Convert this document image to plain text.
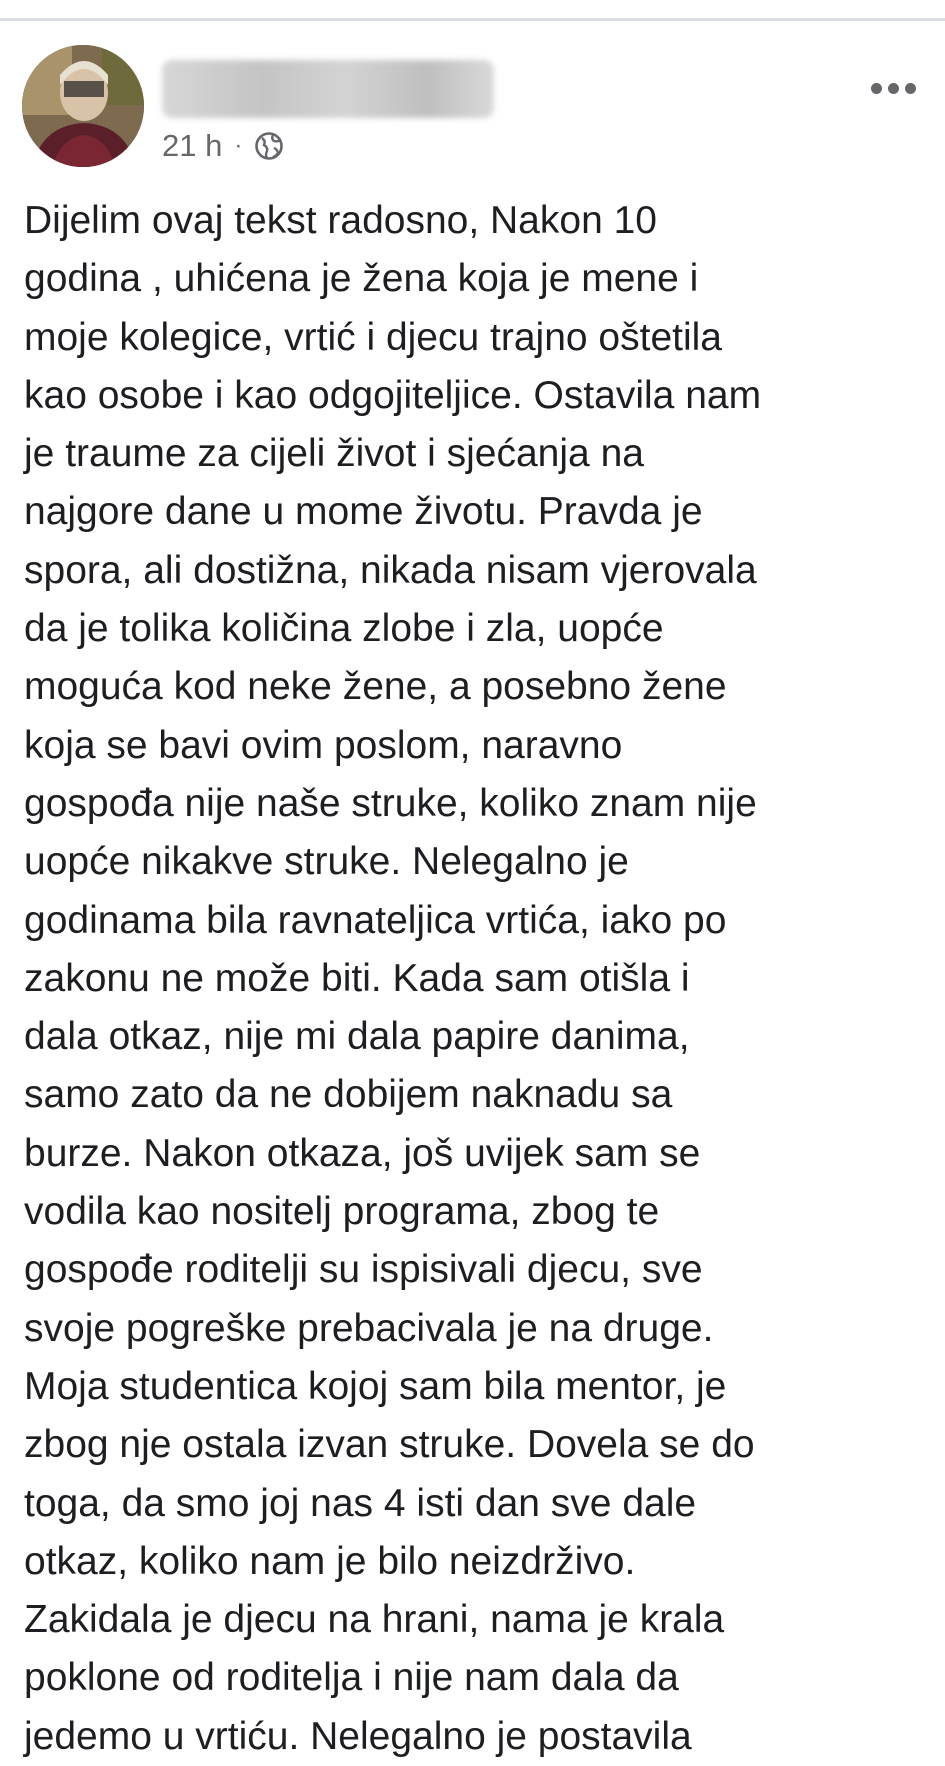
21 h ·
Dijelim ovaj tekst radosno, Nakon 10
godina , uhićena je žena koja je mene i
moje kolegice, vrtić i djecu trajno oštetila
kao osobe i kao odgojiteljice. Ostavila nam
je traume za cijeli život i sjećanja na
najgore dane u mome životu. Pravda je
spora, ali dostižna, nikada nisam vjerovala
da je tolika količina zlobe i zla, uopće
moguća kod neke žene, a posebno žene
koja se bavi ovim poslom, naravno
gospođa nije naše struke, koliko znam nije
uopće nikakve struke. Nelegalno je
godinama bila ravnateljica vrtića, iako po
zakonu ne može biti. Kada sam otišla i
dala otkaz, nije mi dala papire danima,
samo zato da ne dobijem naknadu sa
burze. Nakon otkaza, još uvijek sam se
vodila kao nositelj programa, zbog te
gospođe roditelji su ispisivali djecu, sve
svoje pogreške prebacivala je na druge.
Moja studentica kojoj sam bila mentor, je
zbog nje ostala izvan struke. Dovela se do
toga, da smo joj nas 4 isti dan sve dale
otkaz, koliko nam je bilo neizdrživo.
Zakidala je djecu na hrani, nama je krala
poklone od roditelja i nije nam dala da
jedemo u vrtiću. Nelegalno je postavila
